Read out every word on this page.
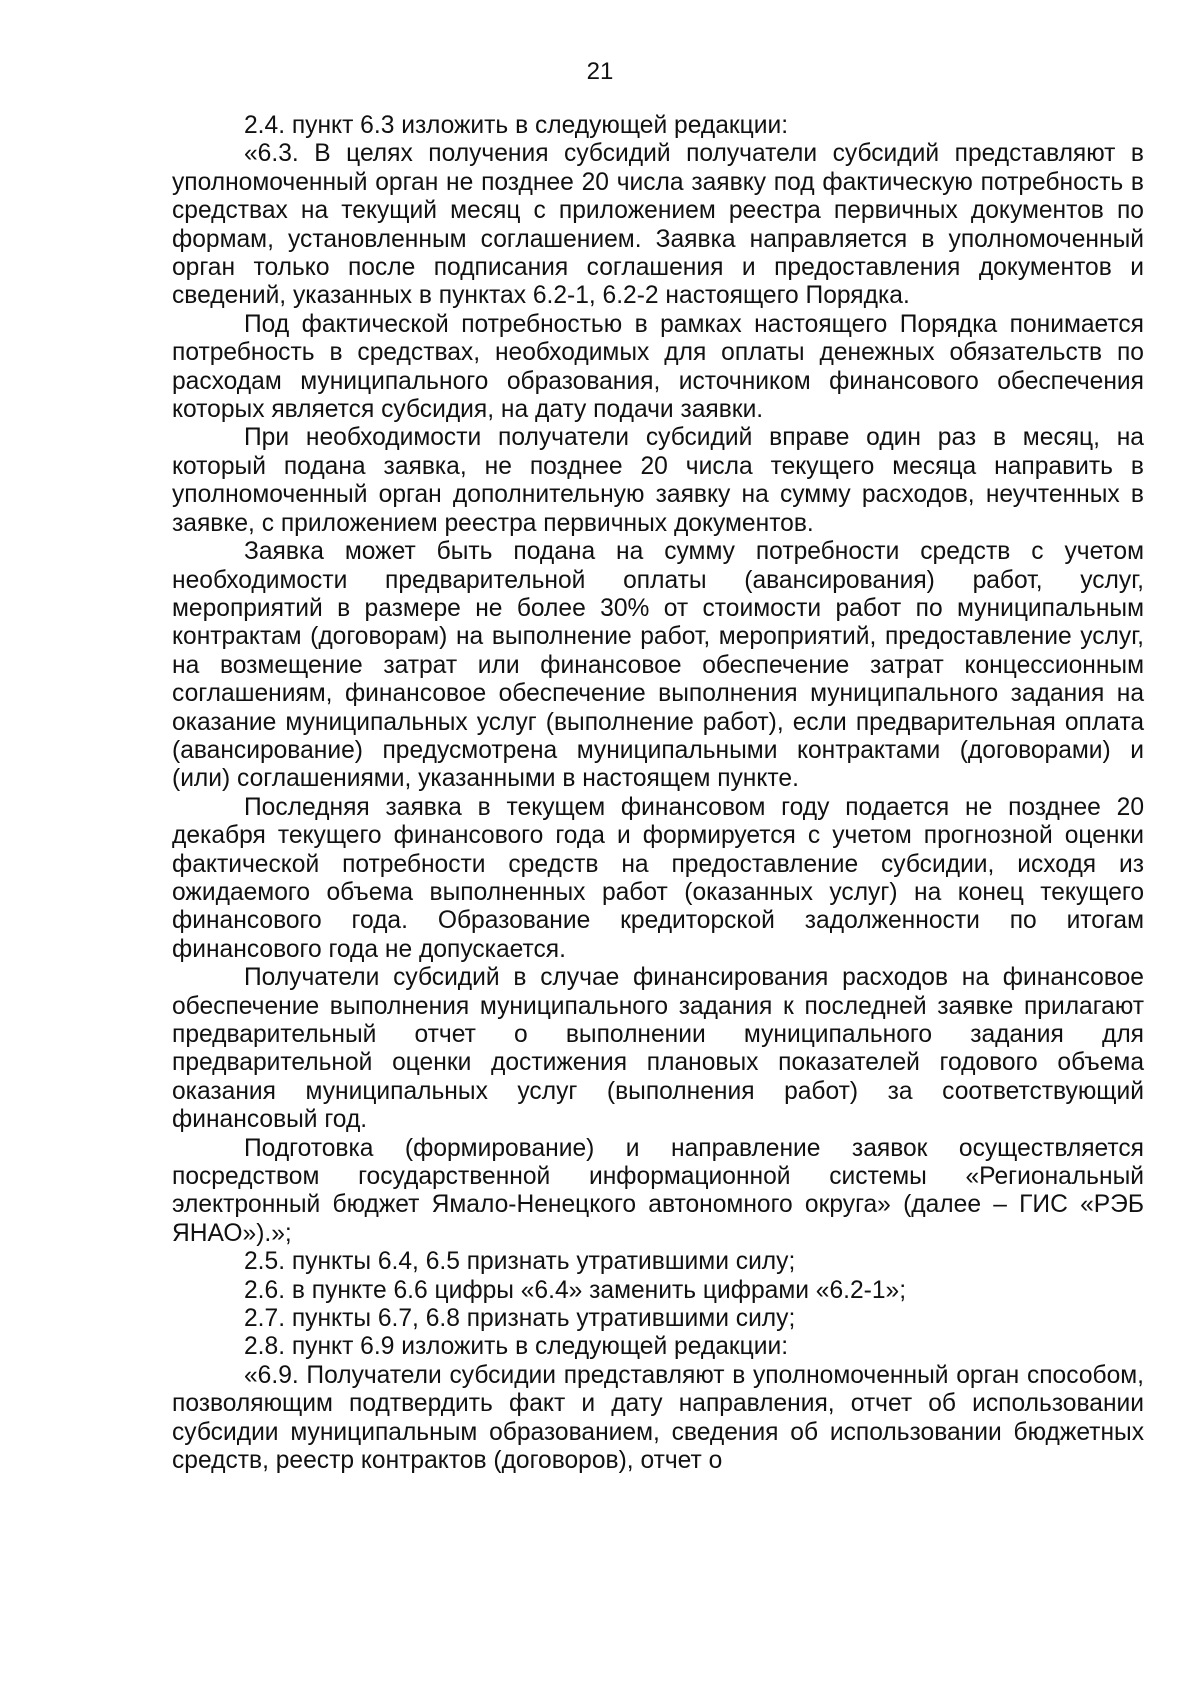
21

2.4. пункт 6.3 изложить в следующей редакции:

«6.3. В целях получения субсидий получатели субсидий представляют в уполномоченный орган не позднее 20 числа заявку под фактическую потребность в средствах на текущий месяц с приложением реестра первичных документов по формам, установленным соглашением. Заявка направляется в уполномоченный орган только после подписания соглашения и предоставления документов и сведений, указанных в пунктах 6.2-1, 6.2-2 настоящего Порядка.

Под фактической потребностью в рамках настоящего Порядка понимается потребность в средствах, необходимых для оплаты денежных обязательств по расходам муниципального образования, источником финансового обеспечения которых является субсидия, на дату подачи заявки.

При необходимости получатели субсидий вправе один раз в месяц, на который подана заявка, не позднее 20 числа текущего месяца направить в уполномоченный орган дополнительную заявку на сумму расходов, неучтенных в заявке, с приложением реестра первичных документов.

Заявка может быть подана на сумму потребности средств с учетом необходимости предварительной оплаты (авансирования) работ, услуг, мероприятий в размере не более 30% от стоимости работ по муниципальным контрактам (договорам) на выполнение работ, мероприятий, предоставление услуг, на возмещение затрат или финансовое обеспечение затрат концессионным соглашениям, финансовое обеспечение выполнения муниципального задания на оказание муниципальных услуг (выполнение работ), если предварительная оплата (авансирование) предусмотрена муниципальными контрактами (договорами) и (или) соглашениями, указанными в настоящем пункте.

Последняя заявка в текущем финансовом году подается не позднее 20 декабря текущего финансового года и формируется с учетом прогнозной оценки фактической потребности средств на предоставление субсидии, исходя из ожидаемого объема выполненных работ (оказанных услуг) на конец текущего финансового года. Образование кредиторской задолженности по итогам финансового года не допускается.

Получатели субсидий в случае финансирования расходов на финансовое обеспечение выполнения муниципального задания к последней заявке прилагают предварительный отчет о выполнении муниципального задания для предварительной оценки достижения плановых показателей годового объема оказания муниципальных услуг (выполнения работ) за соответствующий финансовый год.

Подготовка (формирование) и направление заявок осуществляется посредством государственной информационной системы «Региональный электронный бюджет Ямало-Ненецкого автономного округа» (далее – ГИС «РЭБ ЯНАО»).»;

2.5. пункты 6.4, 6.5 признать утратившими силу;

2.6. в пункте 6.6 цифры «6.4» заменить цифрами «6.2-1»;

2.7. пункты 6.7, 6.8 признать утратившими силу;

2.8. пункт 6.9 изложить в следующей редакции:

«6.9. Получатели субсидии представляют в уполномоченный орган способом, позволяющим подтвердить факт и дату направления, отчет об использовании субсидии муниципальным образованием, сведения об использовании бюджетных средств, реестр контрактов (договоров), отчет о
